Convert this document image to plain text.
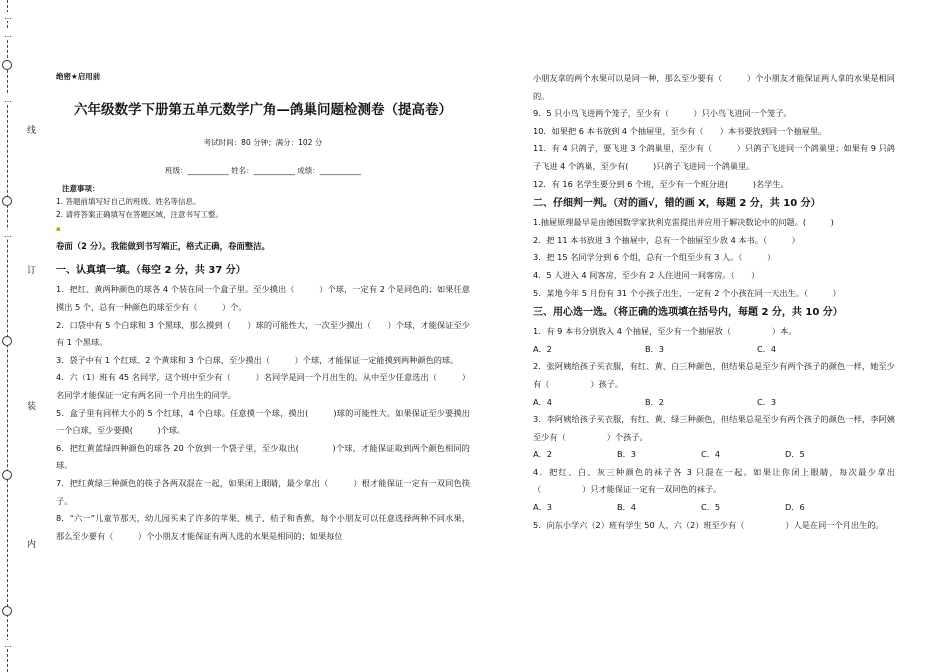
…
…
…
线
…
订
装
内
…

绝密★启用前

六年级数学下册第五单元数学广角—鸽巢问题检测卷（提高卷）

考试时间：80 分钟；满分：102 分

班级：___________ 姓名：___________ 成绩：___________

注意事项：

1. 答题前填写好自己的班级、姓名等信息。

2. 请将答案正确填写在答题区域，注意书写工整。

▪

卷面（2 分）。我能做到书写端正，格式正确，卷面整洁。

一、认真填一填。（每空 2 分，共 37 分）

1．把红、黄两种颜色的球各 4 个装在同一个盒子里。至少摸出（　　　）个球，一定有 2 个是同色的；如果任意摸出 5 个，总有一种颜色的球至少有（　　　）个。

2．口袋中有 5 个白球和 3 个黑球，那么摸到（　　）球的可能性大，一次至少摸出（　　）个球，才能保证至少有 1 个黑球。

3．袋子中有 1 个红球、2 个黄球和 3 个白球，至少摸出（　　　）个球，才能保证一定能摸到两种颜色的球。

4．六（1）班有 45 名同学，这个班中至少有（　　　）名同学是同一个月出生的。从中至少任意选出（　　　）名同学才能保证一定有两名同一个月出生的同学。

5．盒子里有同样大小的 5 个红球，4 个白球。任意摸一个球，摸出(　　　)球的可能性大。如果保证至少要摸出一个白球，至少要摸(　　　)个球。

6．把红黄蓝绿四种颜色的球各 20 个放到一个袋子里，至少取出(　　　　)个球，才能保证取到两个颜色相同的球。

7．把红黄绿三种颜色的筷子各两双混在一起，如果闭上眼睛，最少拿出（　　　）根才能保证一定有一双同色筷子。

8．“六一”儿童节那天，幼儿园买来了许多的苹果、桃子、桔子和香蕉，每个小朋友可以任意选择两种不同水果，那么至少要有（　　　）个小朋友才能保证有两人选的水果是相同的；如果每位

小朋友拿的两个水果可以是同一种，那么至少要有（　　　）个小朋友才能保证两人拿的水果是相同的。

9．5 只小鸟飞进两个笼子，至少有（　　　）只小鸟飞进同一个笼子。

10．如果把 6 本书放到 4 个抽屉里，至少有（　　）本书要放到同一个抽屉里。

11．有 4 只鸽子，要飞进 3 个鸽巢里，至少有（　　　）只鸽子飞进同一个鸽巢里；如果有 9 只鸽子飞进 4 个鸽巢，至少有(　　　)只鸽子飞进同一个鸽巢里。

12．有 16 名学生要分到 6 个班，至少有一个班分进(　　　)名学生。

二、仔细判一判。（对的画√，错的画 X，每题 2 分，共 10 分）

1.抽屉原理最早是由德国数学家狄利克雷提出并应用于解决数论中的问题。(　　　)

2．把 11 本书放进 3 个抽屉中，总有一个抽屉至少放 4 本书。（　　　）

3．把 15 名同学分到 6 个组，总有一个组至少有 3 人。（　　　）

4．5 人进入 4 间客房，至少有 2 人住进同一间客房。（　　）

5．某地今年 5 月份有 31 个小孩子出生，一定有 2 个小孩在同一天出生。（　　　）

三、用心选一选。（将正确的选项填在括号内，每题 2 分，共 10 分）

1．有 9 本书分别放入 4 个抽屉，至少有一个抽屉放（　　　　　）本。

A．2	B．3	C．4

2．张阿姨给孩子买衣服，有红、黄、白三种颜色，但结果总是至少有两个孩子的颜色一样，她至少有（　　　　　）孩子。

A．4	B．2	C．3

3．李阿姨给孩子买衣服，有红、黄、绿三种颜色，但结果总是至少有两个孩子的颜色一样，李阿姨至少有（　　　　　）个孩子。

A．2	B．3	C．4	D．5

4．把红、白、灰三种颜色的袜子各 3 只混在一起。如果让你闭上眼睛，每次最少拿出（　　　　　）只才能保证一定有一双同色的袜子。

A．3	B．4	C．5	D．6

5．向东小学六（2）班有学生 50 人，六（2）班至少有（　　　　　）人是在同一个月出生的。
